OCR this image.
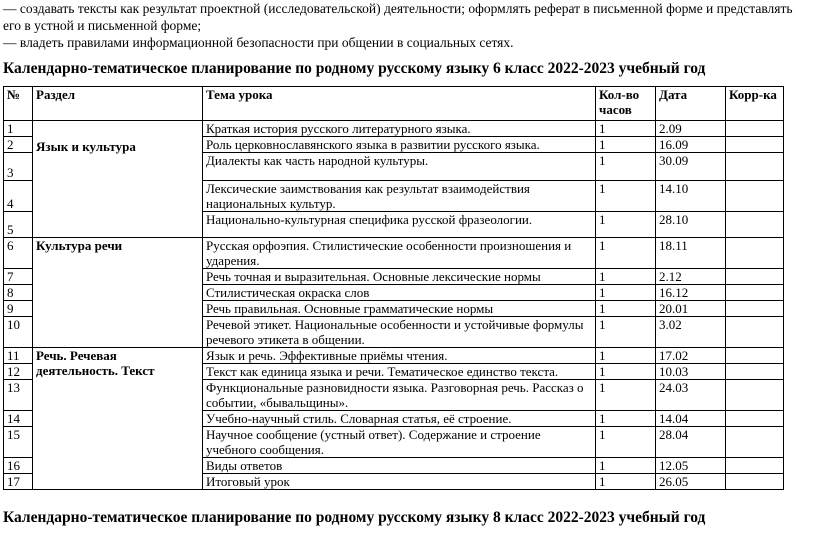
— создавать тексты как результат проектной (исследовательской) деятельности; оформлять реферат в письменной форме и представлять его в устной и письменной форме;

— владеть правилами информационной безопасности при общении в социальных сетях.

Календарно-тематическое планирование по родному русскому языку 6 класс 2022-2023 учебный год
№	Раздел	Тема урока	Кол-во часов	Дата	Корр-ка
1	Язык и культура	Краткая история русского литературного языка.	1	2.09	
2		Роль церковнославянского языка в развитии русского языка.	1	16.09	
3		Диалекты как часть народной культуры.	1	30.09	
4		Лексические заимствования как результат взаимодействия национальных культур.	1	14.10	
5		Национально-культурная специфика русской фразеологии.	1	28.10	
6	Культура речи	Русская орфоэпия. Стилистические особенности произношения и ударения.	1	18.11	
7		Речь точная и выразительная. Основные лексические нормы	1	2.12	
8		Стилистическая окраска слов	1	16.12	
9		Речь правильная. Основные грамматические нормы	1	20.01	
10		Речевой этикет. Национальные особенности и устойчивые формулы речевого этикета в общении.	1	3.02	
11	Речь. Речевая деятельность. Текст	Язык и речь. Эффективные приёмы чтения.	1	17.02	
12		Текст как единица языка и речи. Тематическое единство текста.	1	10.03	
13		Функциональные разновидности языка. Разговорная речь. Рассказ о событии, «бывальщины».	1	24.03	
14		Учебно-научный стиль. Словарная статья, её строение.	1	14.04	
15		Научное сообщение (устный ответ). Содержание и строение учебного сообщения.	1	28.04	
16		Виды ответов	1	12.05	
17		Итоговый урок	1	26.05	
Календарно-тематическое планирование по родному русскому языку 8 класс 2022-2023 учебный год
